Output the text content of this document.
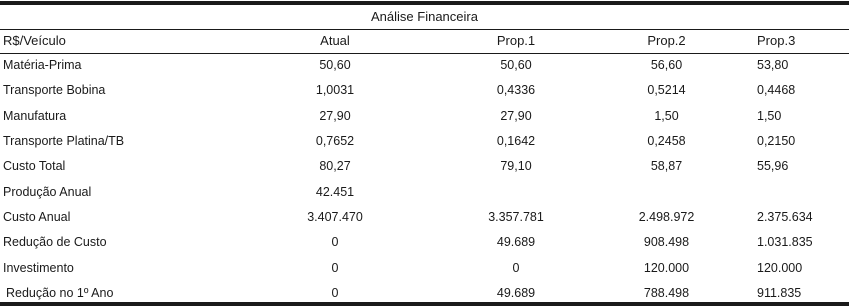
Análise Financeira
R$/Veículo	Atual	Prop.1	Prop.2	Prop.3
Matéria-Prima	50,60	50,60	56,60	53,80
Transporte Bobina	1,0031	0,4336	0,5214	0,4468
Manufatura	27,90	27,90	1,50	1,50
Transporte Platina/TB	0,7652	0,1642	0,2458	0,2150
Custo Total	80,27	79,10	58,87	55,96
Produção Anual	42.451			
Custo Anual	3.407.470	3.357.781	2.498.972	2.375.634
Redução de Custo	0	49.689	908.498	1.031.835
Investimento	0	0	120.000	120.000
Redução no 1º Ano	0	49.689	788.498	911.835
